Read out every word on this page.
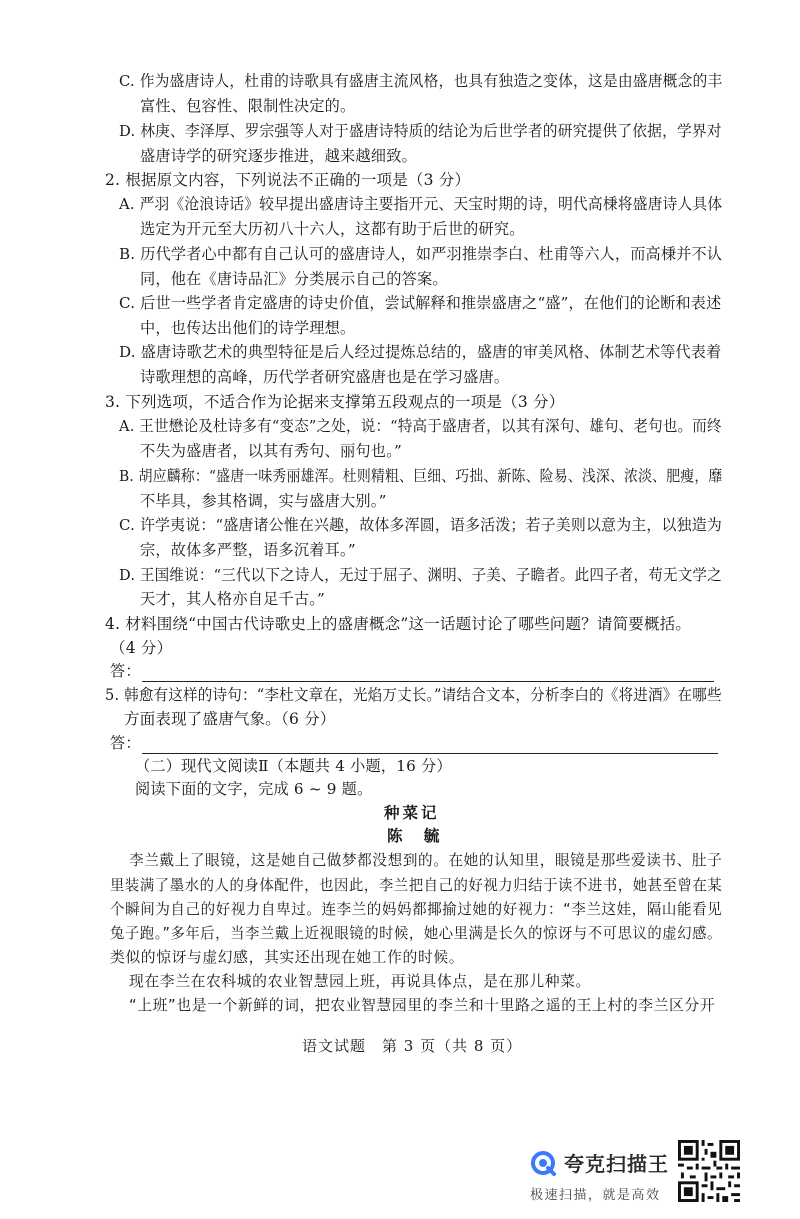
C. 作为盛唐诗人，杜甫的诗歌具有盛唐主流风格，也具有独造之变体，这是由盛唐概念的丰
富性、包容性、限制性决定的。
D. 林庚、李泽厚、罗宗强等人对于盛唐诗特质的结论为后世学者的研究提供了依据，学界对
盛唐诗学的研究逐步推进，越来越细致。
2. 根据原文内容，下列说法不正确的一项是（3 分）
A. 严羽《沧浪诗话》较早提出盛唐诗主要指开元、天宝时期的诗，明代高棅将盛唐诗人具体
选定为开元至大历初八十六人，这都有助于后世的研究。
B. 历代学者心中都有自己认可的盛唐诗人，如严羽推崇李白、杜甫等六人，而高棅并不认
同，他在《唐诗品汇》分类展示自己的答案。
C. 后世一些学者肯定盛唐的诗史价值，尝试解释和推崇盛唐之“盛”，在他们的论断和表述
中，也传达出他们的诗学理想。
D. 盛唐诗歌艺术的典型特征是后人经过提炼总结的，盛唐的审美风格、体制艺术等代表着
诗歌理想的高峰，历代学者研究盛唐也是在学习盛唐。
3. 下列选项，不适合作为论据来支撑第五段观点的一项是（3 分）
A. 王世懋论及杜诗多有“变态”之处，说：“特高于盛唐者，以其有深句、雄句、老句也。而终
不失为盛唐者，以其有秀句、丽句也。”
B. 胡应麟称：“盛唐一味秀丽雄浑。杜则精粗、巨细、巧拙、新陈、险易、浅深、浓淡、肥瘦，靡
不毕具，参其格调，实与盛唐大别。”
C. 许学夷说：“盛唐诸公惟在兴趣，故体多浑圆，语多活泼；若子美则以意为主，以独造为
宗，故体多严整，语多沉着耳。”
D. 王国维说：“三代以下之诗人，无过于屈子、渊明、子美、子瞻者。此四子者，苟无文学之
天才，其人格亦自足千古。”
4. 材料围绕“中国古代诗歌史上的盛唐概念”这一话题讨论了哪些问题？请简要概括。
（4 分）
答：
5. 韩愈有这样的诗句：“李杜文章在，光焰万丈长。”请结合文本，分析李白的《将进酒》在哪些
方面表现了盛唐气象。（6 分）
答：
（二）现代文阅读Ⅱ（本题共 4 小题，16 分）
阅读下面的文字，完成 6 ~ 9 题。
种菜记
陈 毓
李兰戴上了眼镜，这是她自己做梦都没想到的。在她的认知里，眼镜是那些爱读书、肚子
里装满了墨水的人的身体配件，也因此，李兰把自己的好视力归结于读不进书，她甚至曾在某
个瞬间为自己的好视力自卑过。连李兰的妈妈都揶揄过她的好视力：“李兰这娃，隔山能看见
兔子跑。”多年后，当李兰戴上近视眼镜的时候，她心里满是长久的惊讶与不可思议的虚幻感。
类似的惊讶与虚幻感，其实还出现在她工作的时候。
现在李兰在农科城的农业智慧园上班，再说具体点，是在那儿种菜。
“上班”也是一个新鲜的词，把农业智慧园里的李兰和十里路之遥的王上村的李兰区分开
语文试题　第 3 页（共 8 页）
夸克扫描王
极速扫描，就是高效
